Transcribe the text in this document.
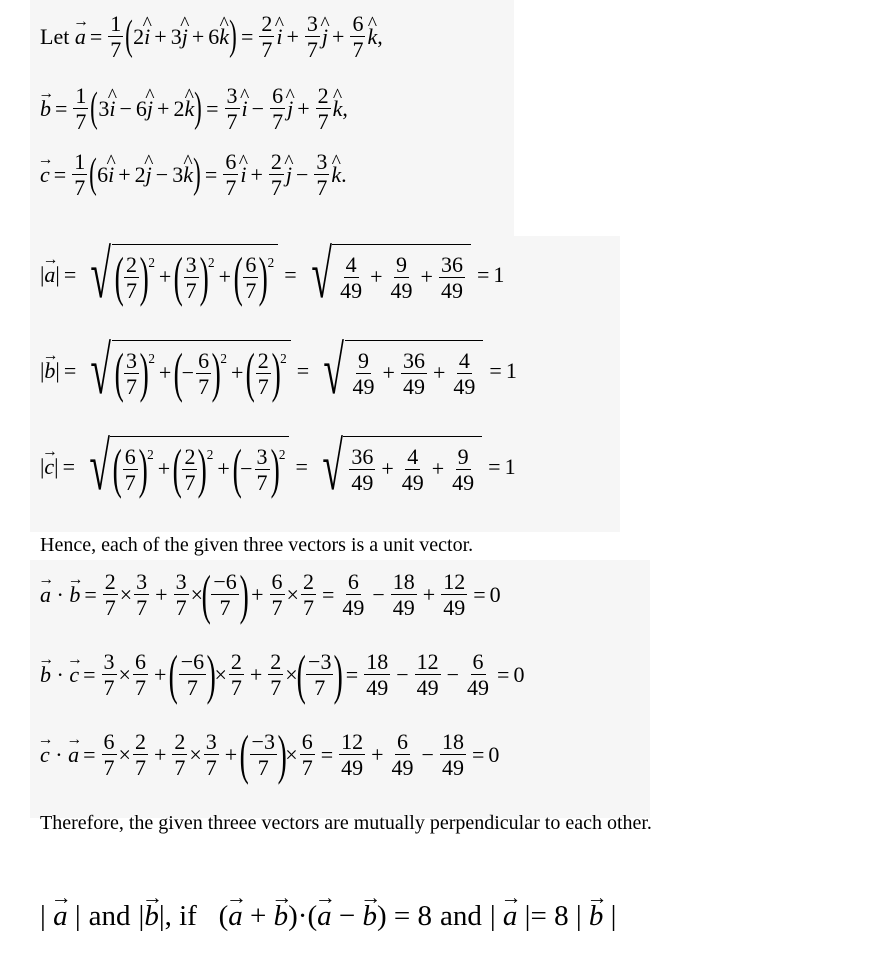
Let
→ $a = \frac{1}{7}$ ( 2 ^ i + 3 ^ j + 6 ^ k ) = $\frac{2}{7}$ ^ $i + \frac{3}{7}$ ^ $j + \frac{6}{7}$ ^ k ,
→ $b = \frac{1}{7}$ ( 3 ^ i − 6 ^ j + 2 ^ k ) = $\frac{3}{7}$ ^ $i - \frac{6}{7}$ ^ $j + \frac{2}{7}$ ^ k ,
→ $c = \frac{1}{7}$ ( 6 ^ i + 2 ^ j − 3 ^ k ) = $\frac{6}{7}$ ^ $i + \frac{2}{7}$ ^ $j - \frac{3}{7}$ ^ k .
| → a | = √ ( 2
7 ) 2
+ ( 3
7 ) 2
+ ( 6
7 ) 2 = √ 4
49
+ $\frac{9}{49} + \frac{36}{49} = 1$
| → b | = √ ( 3
7 ) 2
+ (
−
6
7 ) 2
+ ( 2
7 ) 2 = √ 9
49
+ $\frac{36}{49} + \frac{4}{49} = 1$
| → c | = √ ( 6
7 ) 2
+ ( 2
7 ) 2
+ (
−
3
7 ) 2 = √ 36
49
+ $\frac{4}{49} + \frac{9}{49} = 1$
Hence, each of the given three vectors is a unit vector.
→ a · → $b = \frac{2}{7}$ ×
3
7
+ $\frac{3}{7}$ ×
( −6
7 ) + $\frac{6}{7} \times \frac{2}{7} = \frac{6}{49} - \frac{18}{49} + \frac{12}{49} = 0$
→ b · → $c = \frac{3}{7}$ ×
6
7
+ ( −6
7 )
×
2
7
+ $\frac{2}{7}$ ×
( −3
7 ) = $\frac{18}{49} - \frac{12}{49} - \frac{6}{49} = 0$
→ c · → $a = \frac{6}{7}$ ×
2
7
+ $\frac{2}{7}$ ×
3
7
+ ( −3
7 )
× $\frac{6}{7} = \frac{12}{49} + \frac{6}{49} - \frac{18}{49} = 0$
Therefore, the given threee vectors are mutually perpendicular to each other.
| → a | and | → b | , if ( → a + → b )·( → a − → b ) = 8 and | → a |= 8 | → b |
